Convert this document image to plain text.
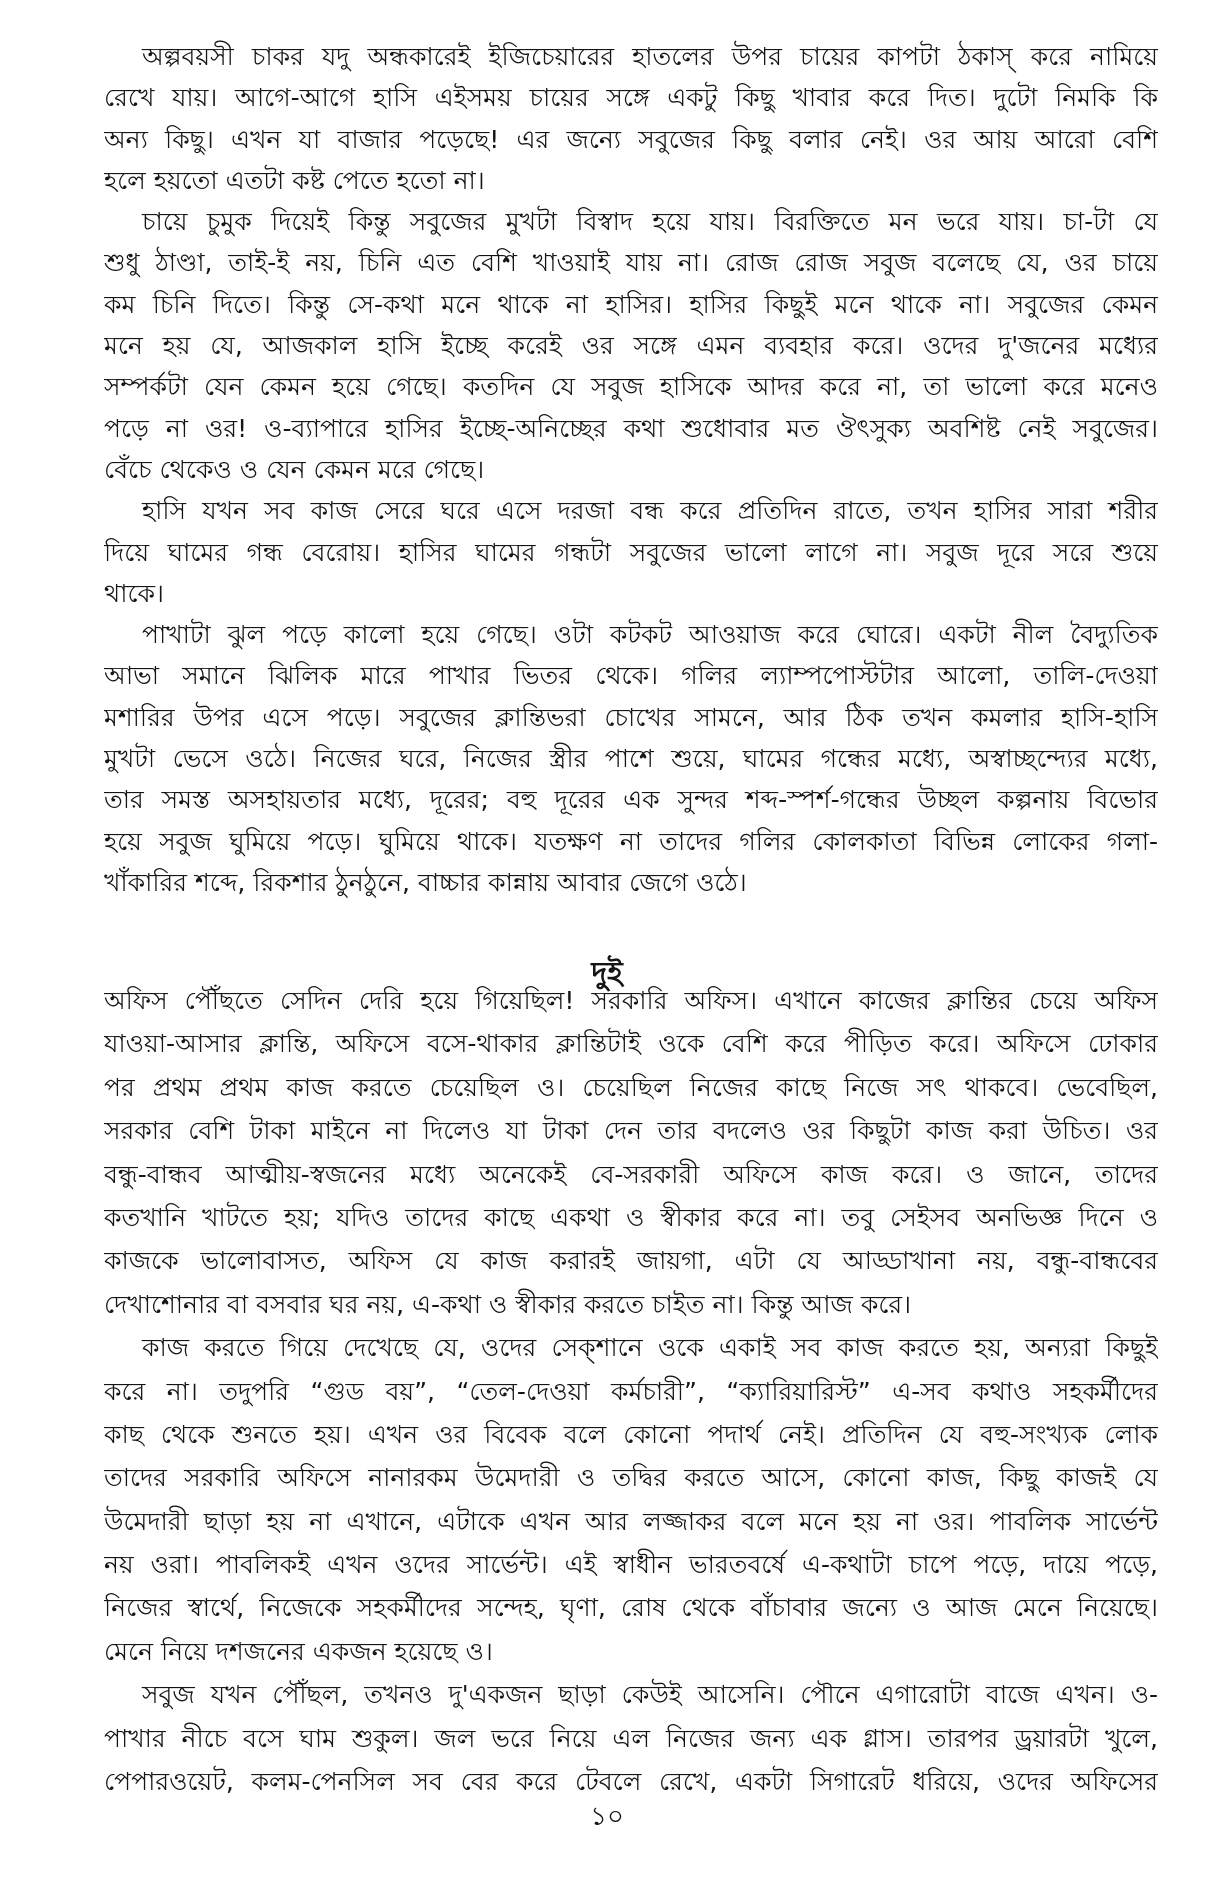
অল্পবয়সী চাকর যদু অন্ধকারেই ইজিচেয়ারের হাতলের উপর চায়ের কাপটা ঠকাস্ করে নামিয়ে
রেখে যায়। আগে-আগে হাসি এইসময় চায়ের সঙ্গে একটু কিছু খাবার করে দিত। দুটো নিমকি কি
অন্য কিছু। এখন যা বাজার পড়েছে! এর জন্যে সবুজের কিছু বলার নেই। ওর আয় আরো বেশি
হলে হয়তো এতটা কষ্ট পেতে হতো না।
চায়ে চুমুক দিয়েই কিন্তু সবুজের মুখটা বিস্বাদ হয়ে যায়। বিরক্তিতে মন ভরে যায়। চা-টা যে
শুধু ঠাণ্ডা, তাই-ই নয়, চিনি এত বেশি খাওয়াই যায় না। রোজ রোজ সবুজ বলেছে যে, ওর চায়ে
কম চিনি দিতে। কিন্তু সে-কথা মনে থাকে না হাসির। হাসির কিছুই মনে থাকে না। সবুজের কেমন
মনে হয় যে, আজকাল হাসি ইচ্ছে করেই ওর সঙ্গে এমন ব্যবহার করে। ওদের দু'জনের মধ্যের
সম্পর্কটা যেন কেমন হয়ে গেছে। কতদিন যে সবুজ হাসিকে আদর করে না, তা ভালো করে মনেও
পড়ে না ওর! ও-ব্যাপারে হাসির ইচ্ছে-অনিচ্ছের কথা শুধোবার মত ঔৎসুক্য অবশিষ্ট নেই সবুজের।
বেঁচে থেকেও ও যেন কেমন মরে গেছে।
হাসি যখন সব কাজ সেরে ঘরে এসে দরজা বন্ধ করে প্রতিদিন রাতে, তখন হাসির সারা শরীর
দিয়ে ঘামের গন্ধ বেরোয়। হাসির ঘামের গন্ধটা সবুজের ভালো লাগে না। সবুজ দূরে সরে শুয়ে
থাকে।
পাখাটা ঝুল পড়ে কালো হয়ে গেছে। ওটা কটকট আওয়াজ করে ঘোরে। একটা নীল বৈদ্যুতিক
আভা সমানে ঝিলিক মারে পাখার ভিতর থেকে। গলির ল্যাম্পপোস্টটার আলো, তালি-দেওয়া
মশারির উপর এসে পড়ে। সবুজের ক্লান্তিভরা চোখের সামনে, আর ঠিক তখন কমলার হাসি-হাসি
মুখটা ভেসে ওঠে। নিজের ঘরে, নিজের স্ত্রীর পাশে শুয়ে, ঘামের গন্ধের মধ্যে, অস্বাচ্ছন্দ্যের মধ্যে,
তার সমস্ত অসহায়তার মধ্যে, দূরের; বহু দূরের এক সুন্দর শব্দ-স্পর্শ-গন্ধের উচ্ছল কল্পনায় বিভোর
হয়ে সবুজ ঘুমিয়ে পড়ে। ঘুমিয়ে থাকে। যতক্ষণ না তাদের গলির কোলকাতা বিভিন্ন লোকের গলা-
খাঁকারির শব্দে, রিকশার ঠুনঠুনে, বাচ্চার কান্নায় আবার জেগে ওঠে।
দুই
অফিস পৌঁছতে সেদিন দেরি হয়ে গিয়েছিল! সরকারি অফিস। এখানে কাজের ক্লান্তির চেয়ে অফিস
যাওয়া-আসার ক্লান্তি, অফিসে বসে-থাকার ক্লান্তিটাই ওকে বেশি করে পীড়িত করে। অফিসে ঢোকার
পর প্রথম প্রথম কাজ করতে চেয়েছিল ও। চেয়েছিল নিজের কাছে নিজে সৎ থাকবে। ভেবেছিল,
সরকার বেশি টাকা মাইনে না দিলেও যা টাকা দেন তার বদলেও ওর কিছুটা কাজ করা উচিত। ওর
বন্ধু-বান্ধব আত্মীয়-স্বজনের মধ্যে অনেকেই বে-সরকারী অফিসে কাজ করে। ও জানে, তাদের
কতখানি খাটতে হয়; যদিও তাদের কাছে একথা ও স্বীকার করে না। তবু সেইসব অনভিজ্ঞ দিনে ও
কাজকে ভালোবাসত, অফিস যে কাজ করারই জায়গা, এটা যে আড্ডাখানা নয়, বন্ধু-বান্ধবের
দেখাশোনার বা বসবার ঘর নয়, এ-কথা ও স্বীকার করতে চাইত না। কিন্তু আজ করে।
কাজ করতে গিয়ে দেখেছে যে, ওদের সেক্‌শানে ওকে একাই সব কাজ করতে হয়, অন্যরা কিছুই
করে না। তদুপরি “গুড বয়”, “তেল-দেওয়া কর্মচারী”, “ক্যারিয়ারিস্ট” এ-সব কথাও সহকর্মীদের
কাছ থেকে শুনতে হয়। এখন ওর বিবেক বলে কোনো পদার্থ নেই। প্রতিদিন যে বহু-সংখ্যক লোক
তাদের সরকারি অফিসে নানারকম উমেদারী ও তদ্বির করতে আসে, কোনো কাজ, কিছু কাজই যে
উমেদারী ছাড়া হয় না এখানে, এটাকে এখন আর লজ্জাকর বলে মনে হয় না ওর। পাবলিক সার্ভেন্ট
নয় ওরা। পাবলিকই এখন ওদের সার্ভেন্ট। এই স্বাধীন ভারতবর্ষে এ-কথাটা চাপে পড়ে, দায়ে পড়ে,
নিজের স্বার্থে, নিজেকে সহকর্মীদের সন্দেহ, ঘৃণা, রোষ থেকে বাঁচাবার জন্যে ও আজ মেনে নিয়েছে।
মেনে নিয়ে দশজনের একজন হয়েছে ও।
সবুজ যখন পৌঁছল, তখনও দু'একজন ছাড়া কেউই আসেনি। পৌনে এগারোটা বাজে এখন। ও-
পাখার নীচে বসে ঘাম শুকুল। জল ভরে নিয়ে এল নিজের জন্য এক গ্লাস। তারপর ড্রয়ারটা খুলে,
পেপারওয়েট, কলম-পেনসিল সব বের করে টেবলে রেখে, একটা সিগারেট ধরিয়ে, ওদের অফিসের
১০
